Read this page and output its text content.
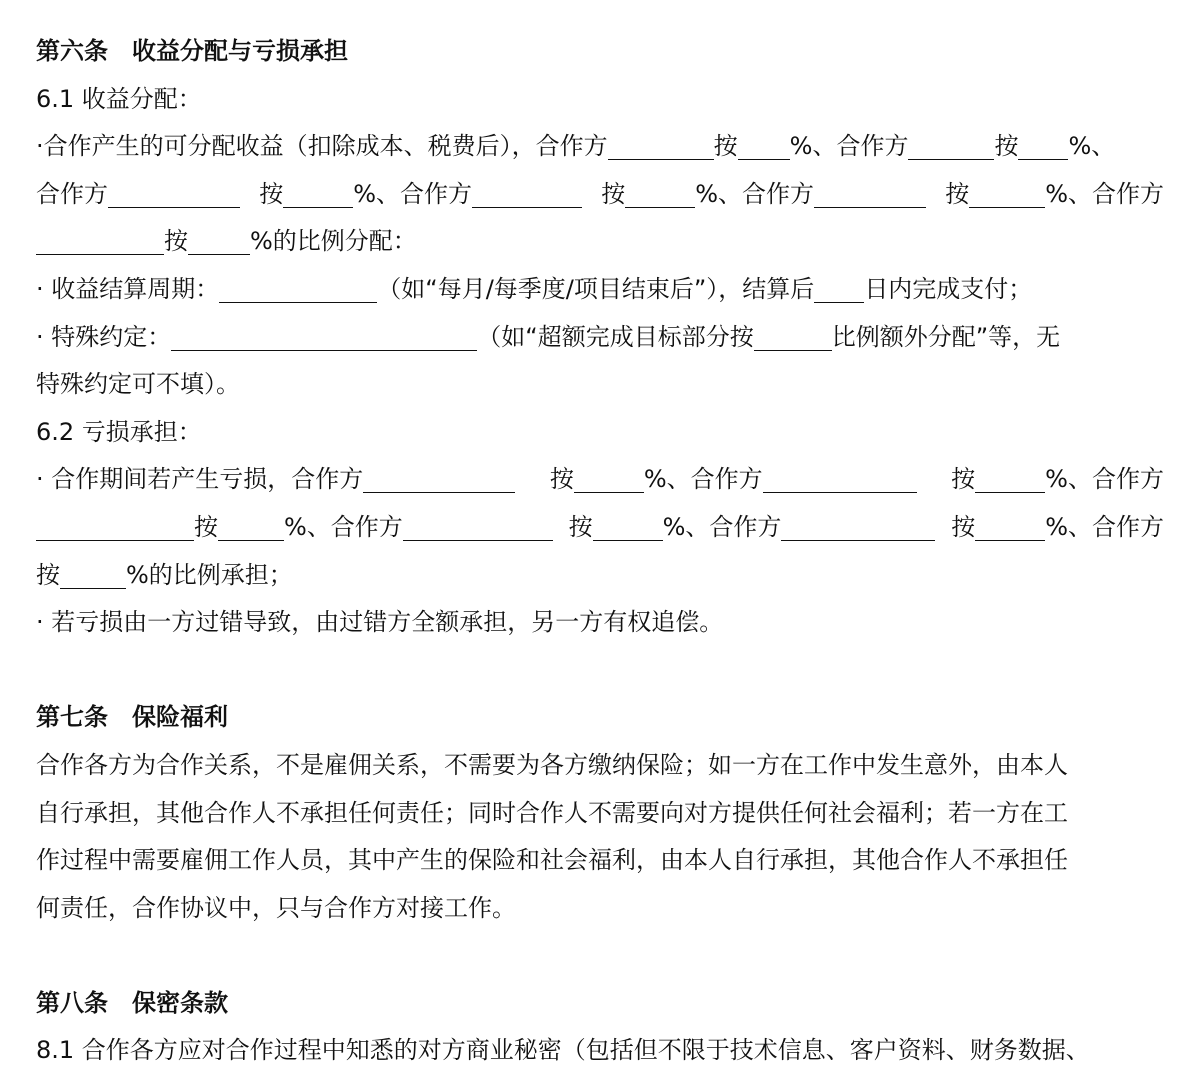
第六条　收益分配与亏损承担
6.1 收益分配：
·合作产生的可分配收益（扣除成本、税费后），合作方	按 %、合作方	按 %、
合作方	按	%、合作方	按	%、合作方	按	%、合作方
按	%的比例分配：
· 收益结算周期：	（如“每月/每季度/项目结束后”），结算后 日内完成支付；
· 特殊约定：	（如“超额完成目标部分按	比例额外分配”等，无
特殊约定可不填）。
6.2 亏损承担：
· 合作期间若产生亏损，合作方	按	%、合作方	按	%、合作方
按	%、合作方	按	%、合作方	按	%、合作方
按	%的比例承担；
· 若亏损由一方过错导致，由过错方全额承担，另一方有权追偿。
第七条　保险福利
合作各方为合作关系，不是雇佣关系，不需要为各方缴纳保险；如一方在工作中发生意外，由本人
自行承担，其他合作人不承担任何责任；同时合作人不需要向对方提供任何社会福利；若一方在工
作过程中需要雇佣工作人员，其中产生的保险和社会福利，由本人自行承担，其他合作人不承担任
何责任，合作协议中，只与合作方对接工作。
第八条　保密条款
8.1 合作各方应对合作过程中知悉的对方商业秘密（包括但不限于技术信息、客户资料、财务数据、
